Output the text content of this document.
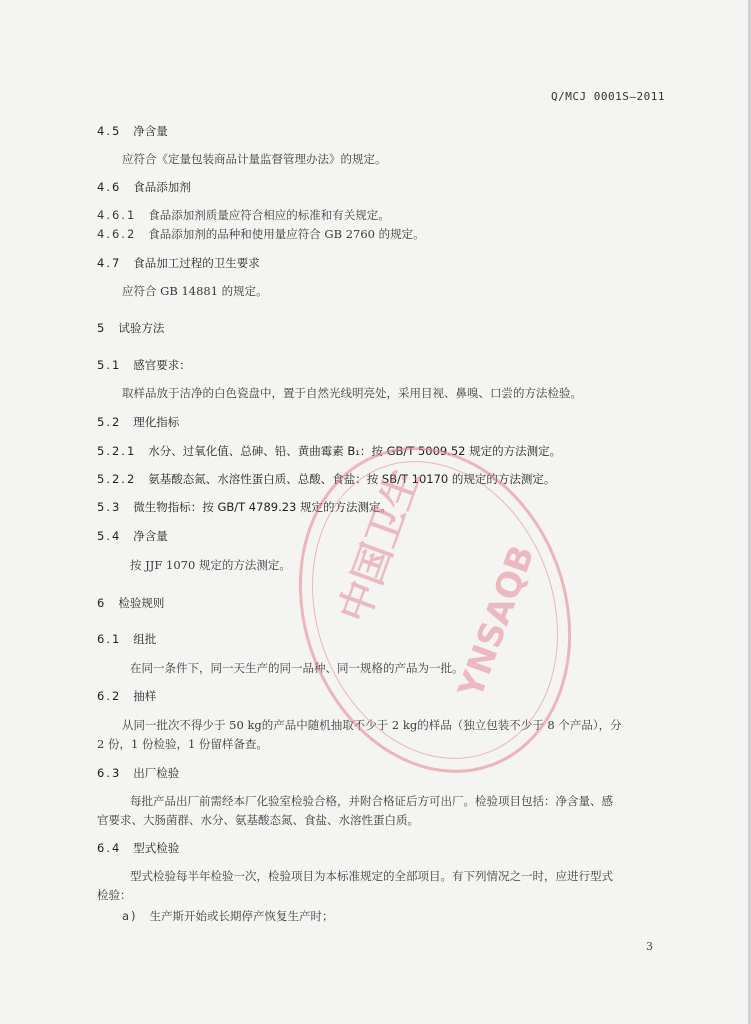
Q/MCJ 0001S—2011
4.5 净含量
应符合《定量包装商品计量监督管理办法》的规定。
4.6 食品添加剂
4.6.1 食品添加剂质量应符合相应的标准和有关规定。
4.6.2 食品添加剂的品种和使用量应符合 GB 2760 的规定。
4.7 食品加工过程的卫生要求
应符合 GB 14881 的规定。
5 试验方法
5.1 感官要求：
取样品放于洁净的白色瓷盘中，置于自然光线明亮处，采用目视、鼻嗅、口尝的方法检验。
5.2 理化指标
5.2.1 水分、过氧化值、总砷、铅、黄曲霉素 B₁：按 GB/T 5009.52 规定的方法测定。
5.2.2 氨基酸态氮、水溶性蛋白质、总酸、食盐：按 SB/T 10170 的规定的方法测定。
5.3 微生物指标：按 GB/T 4789.23 规定的方法测定。
5.4 净含量
按 JJF 1070 规定的方法测定。
6 检验规则
6.1 组批
在同一条件下，同一天生产的同一品种、同一规格的产品为一批。
6.2 抽样
从同一批次不得少于 50 kg的产品中随机抽取不少于 2 kg的样品（独立包装不少于 8 个产品），分
2 份，1 份检验，1 份留样备查。
6.3 出厂检验
每批产品出厂前需经本厂化验室检验合格，并附合格证后方可出厂。检验项目包括：净含量、感
官要求、大肠菌群、水分、氨基酸态氮、食盐、水溶性蛋白质。
6.4 型式检验
型式检验每半年检验一次，检验项目为本标准规定的全部项目。有下列情况之一时，应进行型式
检验：
a) 生产斯开始或长期停产恢复生产时；
中国卫生 YNSAQB
3
